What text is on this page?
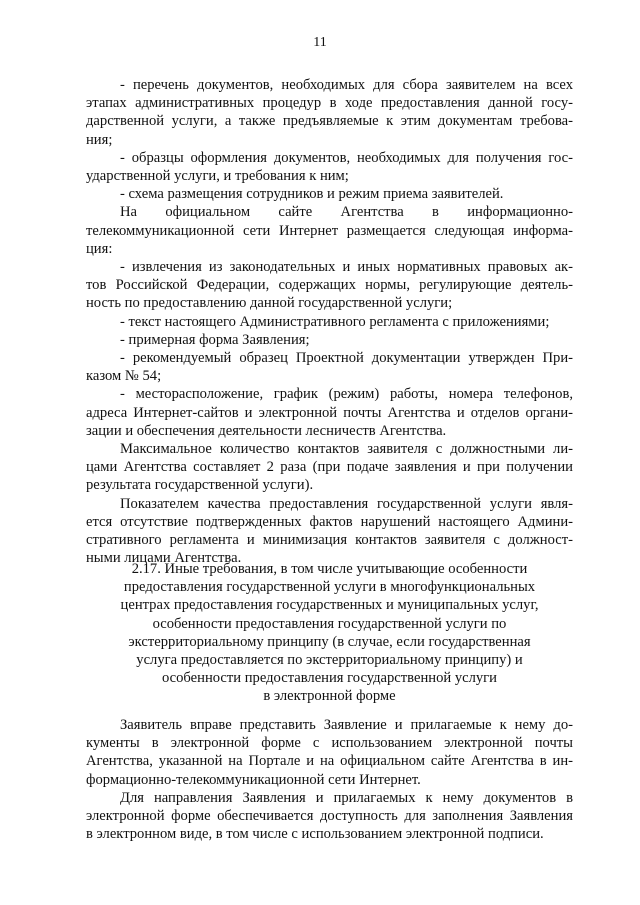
11

- перечень документов, необходимых для сбора заявителем на всех
этапах административных процедур в ходе предоставления данной госу-
дарственной услуги, а также предъявляемые к этим документам требова-
ния;

- образцы оформления документов, необходимых для получения гос-
ударственной услуги, и требования к ним;

- схема размещения сотрудников и режим приема заявителей.

На официальном сайте Агентства в информационно-
телекоммуникационной сети Интернет размещается следующая информа-
ция:

- извлечения из законодательных и иных нормативных правовых ак-
тов Российской Федерации, содержащих нормы, регулирующие деятель-
ность по предоставлению данной государственной услуги;

- текст настоящего Административного регламента с приложениями;

- примерная форма Заявления;

- рекомендуемый образец Проектной документации утвержден При-
казом № 54;

- месторасположение, график (режим) работы, номера телефонов,
адреса Интернет-сайтов и электронной почты Агентства и отделов органи-
зации и обеспечения деятельности лесничеств Агентства.

Максимальное количество контактов заявителя с должностными ли-
цами Агентства составляет 2 раза (при подаче заявления и при получении
результата государственной услуги).

Показателем качества предоставления государственной услуги явля-
ется отсутствие подтвержденных фактов нарушений настоящего Админи-
стративного регламента и минимизация контактов заявителя с должност-
ными лицами Агентства.

2.17. Иные требования, в том числе учитывающие особенности
предоставления государственной услуги в многофункциональных
центрах предоставления государственных и муниципальных услуг,
особенности предоставления государственной услуги по
экстерриториальному принципу (в случае, если государственная
услуга предоставляется по экстерриториальному принципу) и
особенности предоставления государственной услуги
в электронной форме

Заявитель вправе представить Заявление и прилагаемые к нему до-
кументы в электронной форме с использованием электронной почты
Агентства, указанной на Портале и на официальном сайте Агентства в ин-
формационно-телекоммуникационной сети Интернет.

Для направления Заявления и прилагаемых к нему документов в
электронной форме обеспечивается доступность для заполнения Заявления
в электронном виде, в том числе с использованием электронной подписи.
